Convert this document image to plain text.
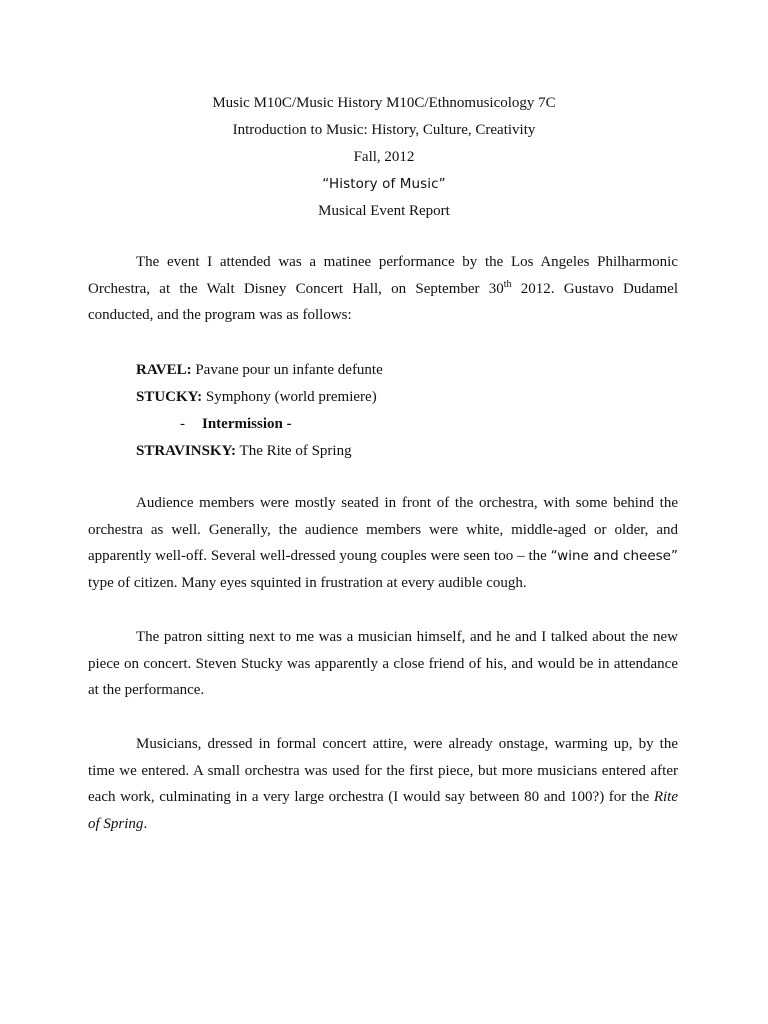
Music M10C/Music History M10C/Ethnomusicology 7C
Introduction to Music: History, Culture, Creativity
Fall, 2012
“History of Music”
Musical Event Report
The event I attended was a matinee performance by the Los Angeles Philharmonic
Orchestra, at the Walt Disney Concert Hall, on September 30th 2012. Gustavo Dudamel
conducted, and the program was as follows:
RAVEL: Pavane pour un infante defunte
STUCKY: Symphony (world premiere)
- Intermission -
STRAVINSKY: The Rite of Spring
Audience members were mostly seated in front of the orchestra, with some behind the
orchestra as well. Generally, the audience members were white, middle-aged or older, and
apparently well-off. Several well-dressed young couples were seen too – the “wine and cheese”
type of citizen. Many eyes squinted in frustration at every audible cough.
The patron sitting next to me was a musician himself, and he and I talked about the new
piece on concert. Steven Stucky was apparently a close friend of his, and would be in attendance
at the performance.
Musicians, dressed in formal concert attire, were already onstage, warming up, by the
time we entered. A small orchestra was used for the first piece, but more musicians entered after
each work, culminating in a very large orchestra (I would say between 80 and 100?) for the Rite
of Spring.
